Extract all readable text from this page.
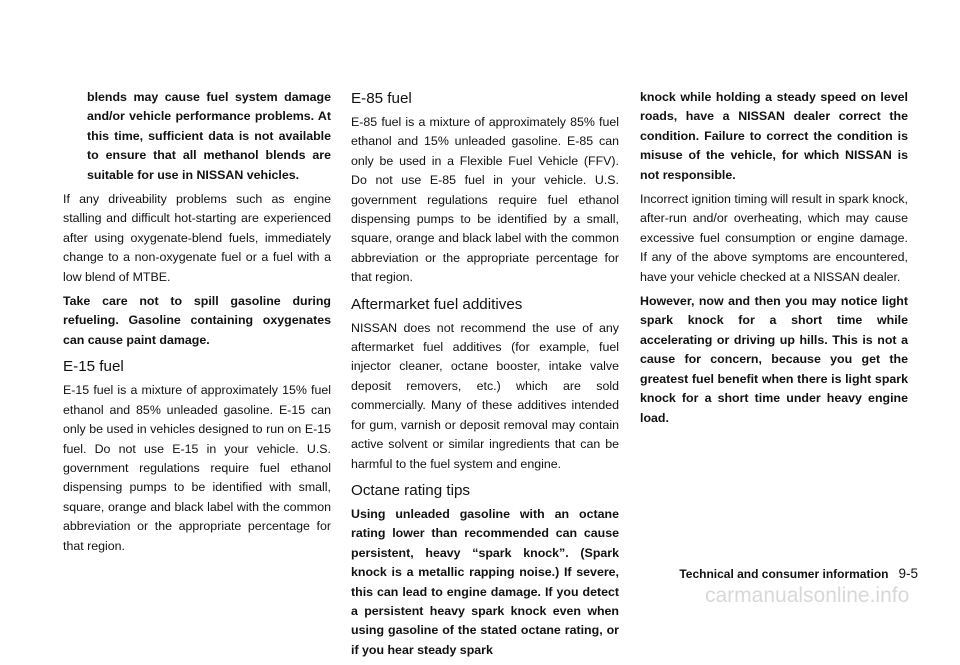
blends may cause fuel system damage and/or vehicle performance problems. At this time, sufficient data is not available to ensure that all methanol blends are suitable for use in NISSAN vehicles.

If any driveability problems such as engine stalling and difficult hot-starting are experienced after using oxygenate-blend fuels, immediately change to a non-oxygenate fuel or a fuel with a low blend of MTBE.

Take care not to spill gasoline during refueling. Gasoline containing oxygenates can cause paint damage.

E-15 fuel

E-15 fuel is a mixture of approximately 15% fuel ethanol and 85% unleaded gasoline. E-15 can only be used in vehicles designed to run on E-15 fuel. Do not use E-15 in your vehicle. U.S. government regulations require fuel ethanol dispensing pumps to be identified with small, square, orange and black label with the common abbreviation or the appropriate percentage for that region.

E-85 fuel

E-85 fuel is a mixture of approximately 85% fuel ethanol and 15% unleaded gasoline. E-85 can only be used in a Flexible Fuel Vehicle (FFV). Do not use E-85 fuel in your vehicle. U.S. government regulations require fuel ethanol dispensing pumps to be identified by a small, square, orange and black label with the common abbreviation or the appropriate percentage for that region.

Aftermarket fuel additives

NISSAN does not recommend the use of any aftermarket fuel additives (for example, fuel injector cleaner, octane booster, intake valve deposit removers, etc.) which are sold commercially. Many of these additives intended for gum, varnish or deposit removal may contain active solvent or similar ingredients that can be harmful to the fuel system and engine.

Octane rating tips

Using unleaded gasoline with an octane rating lower than recommended can cause persistent, heavy “spark knock”. (Spark knock is a metallic rapping noise.) If severe, this can lead to engine damage. If you detect a persistent heavy spark knock even when using gasoline of the stated octane rating, or if you hear steady spark

knock while holding a steady speed on level roads, have a NISSAN dealer correct the condition. Failure to correct the condition is misuse of the vehicle, for which NISSAN is not responsible.

Incorrect ignition timing will result in spark knock, after-run and/or overheating, which may cause excessive fuel consumption or engine damage. If any of the above symptoms are encountered, have your vehicle checked at a NISSAN dealer.

However, now and then you may notice light spark knock for a short time while accelerating or driving up hills. This is not a cause for concern, because you get the greatest fuel benefit when there is light spark knock for a short time under heavy engine load.

Technical and consumer information 9-5
carmanualsonline.info
